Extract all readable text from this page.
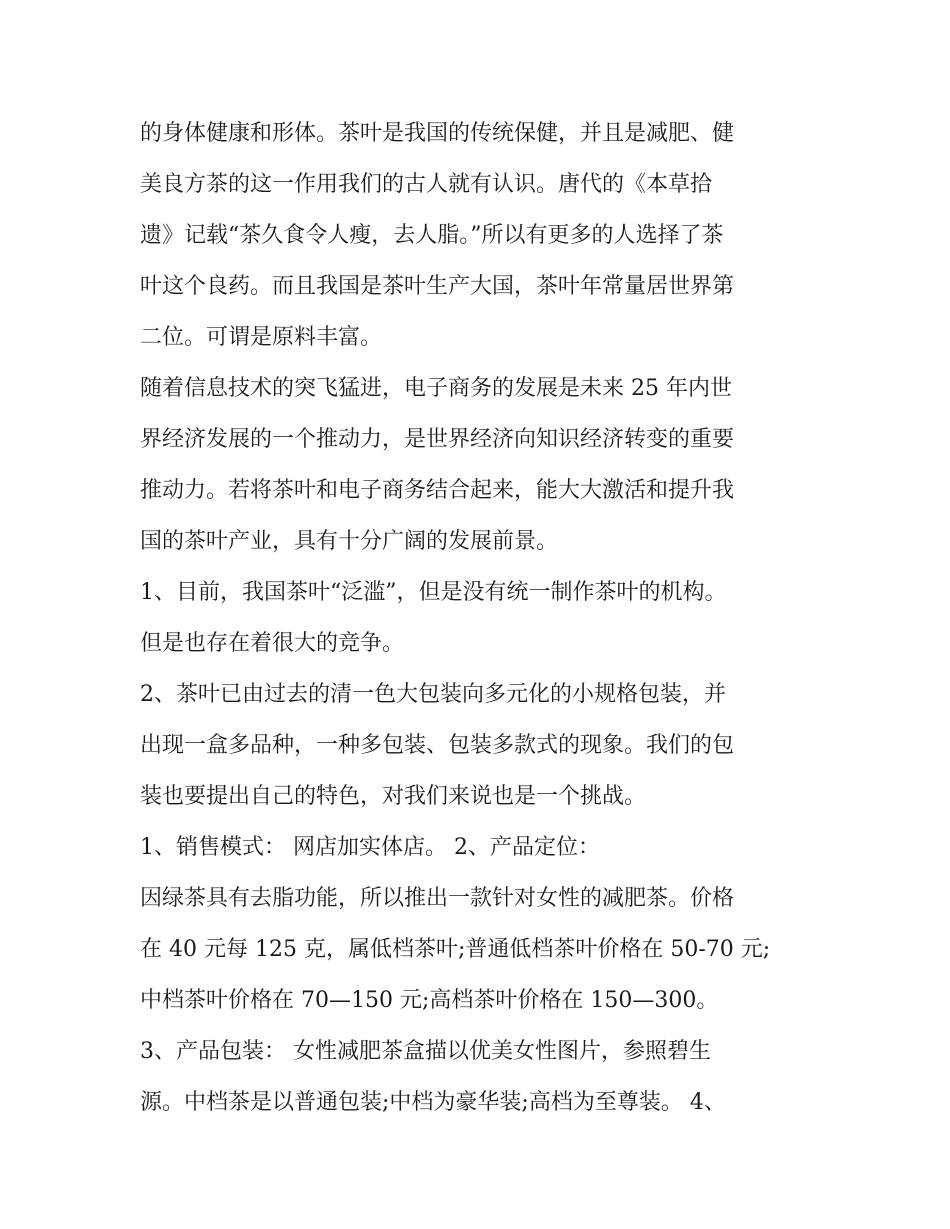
的身体健康和形体。茶叶是我国的传统保健，并且是减肥、健
美良方茶的这一作用我们的古人就有认识。唐代的《本草拾
遗》记载“茶久食令人瘦，去人脂。”所以有更多的人选择了茶
叶这个良药。而且我国是茶叶生产大国，茶叶年常量居世界第
二位。可谓是原料丰富。
随着信息技术的突飞猛进，电子商务的发展是未来 25 年内世
界经济发展的一个推动力，是世界经济向知识经济转变的重要
推动力。若将茶叶和电子商务结合起来，能大大激活和提升我
国的茶叶产业，具有十分广阔的发展前景。
1、目前，我国茶叶“泛滥”，但是没有统一制作茶叶的机构。
但是也存在着很大的竞争。
2、茶叶已由过去的清一色大包装向多元化的小规格包装，并
出现一盒多品种，一种多包装、包装多款式的现象。我们的包
装也要提出自己的特色，对我们来说也是一个挑战。
1、销售模式： 网店加实体店。 2、产品定位：
因绿茶具有去脂功能，所以推出一款针对女性的减肥茶。价格
在 40 元每 125 克，属低档茶叶;普通低档茶叶价格在 50-70 元;
中档茶叶价格在 70—150 元;高档茶叶价格在 150—300。
3、产品包装： 女性减肥茶盒描以优美女性图片，参照碧生
源。中档茶是以普通包装;中档为豪华装;高档为至尊装。 4、
